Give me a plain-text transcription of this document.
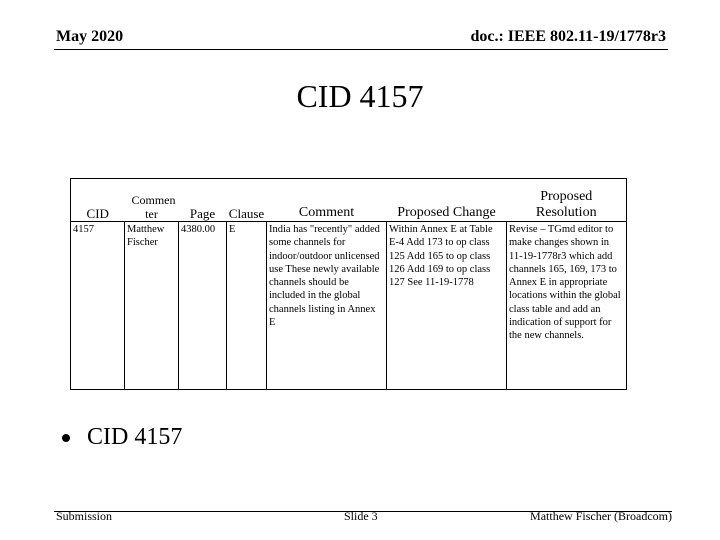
May 2020	doc.: IEEE 802.11-19/1778r3
CID 4157
CID	Commen ter	Page	Clause	Comment	Proposed Change	Proposed Resolution
4157	Matthew Fischer	4380.00	E	India has "recently" added some channels for indoor/outdoor unlicensed use These newly available channels should be included in the global channels listing in Annex E	Within Annex E at Table E-4 Add 173 to op class 125 Add 165 to op class 126 Add 169 to op class 127 See 11-19-1778	Revise – TGmd editor to make changes shown in 11-19-1778r3 which add channels 165, 169, 173 to Annex E in appropriate locations within the global class table and add an indication of support for the new channels.
CID 4157
Submission	Slide 3	Matthew Fischer (Broadcom)
